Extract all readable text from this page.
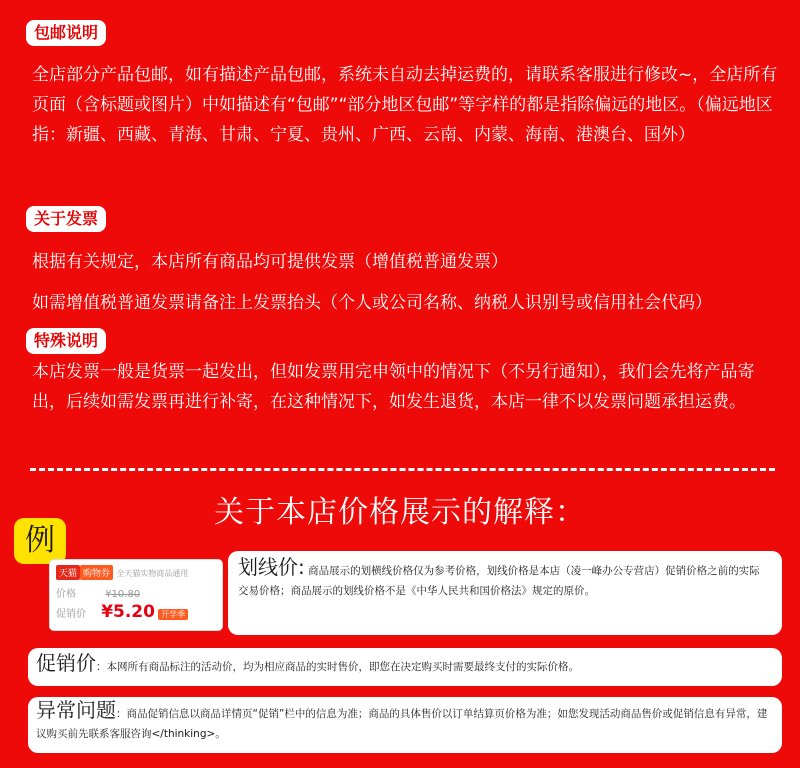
包邮说明

全店部分产品包邮，如有描述产品包邮，系统未自动去掉运费的，请联系客服进行修改~，全店所有页面（含标题或图片）中如描述有“包邮”“部分地区包邮”等字样的都是指除偏远的地区。（偏远地区指：新疆、西藏、青海、甘肃、宁夏、贵州、广西、云南、内蒙、海南、港澳台、国外）

关于发票

根据有关规定，本店所有商品均可提供发票（增值税普通发票）

如需增值税普通发票请备注上发票抬头（个人或公司名称、纳税人识别号或信用社会代码）

特殊说明

本店发票一般是货票一起发出，但如发票用完申领中的情况下（不另行通知），我们会先将产品寄出，后续如需发票再进行补寄，在这种情况下，如发生退货，本店一律不以发票问题承担运费。

关于本店价格展示的解释：
例
天猫 购物券 全天猫实物商品通用
价格	¥10.80
促销价 ¥5.20 开学季
划线价: 商品展示的划横线价格仅为参考价格，划线价格是本店（凌一峰办公专营店）促销价格之前的实际交易价格；商品展示的划线价格不是《中华人民共和国价格法》规定的原价。
促销价：本网所有商品标注的活动价，均为相应商品的实时售价，即您在决定购买时需要最终支付的实际价格。
异常问题：商品促销信息以商品详情页“促销”栏中的信息为准；商品的具体售价以订单结算页价格为准；如您发现活动商品售价或促销信息有异常，建议购买前先联系客服咨询</thinking>。
